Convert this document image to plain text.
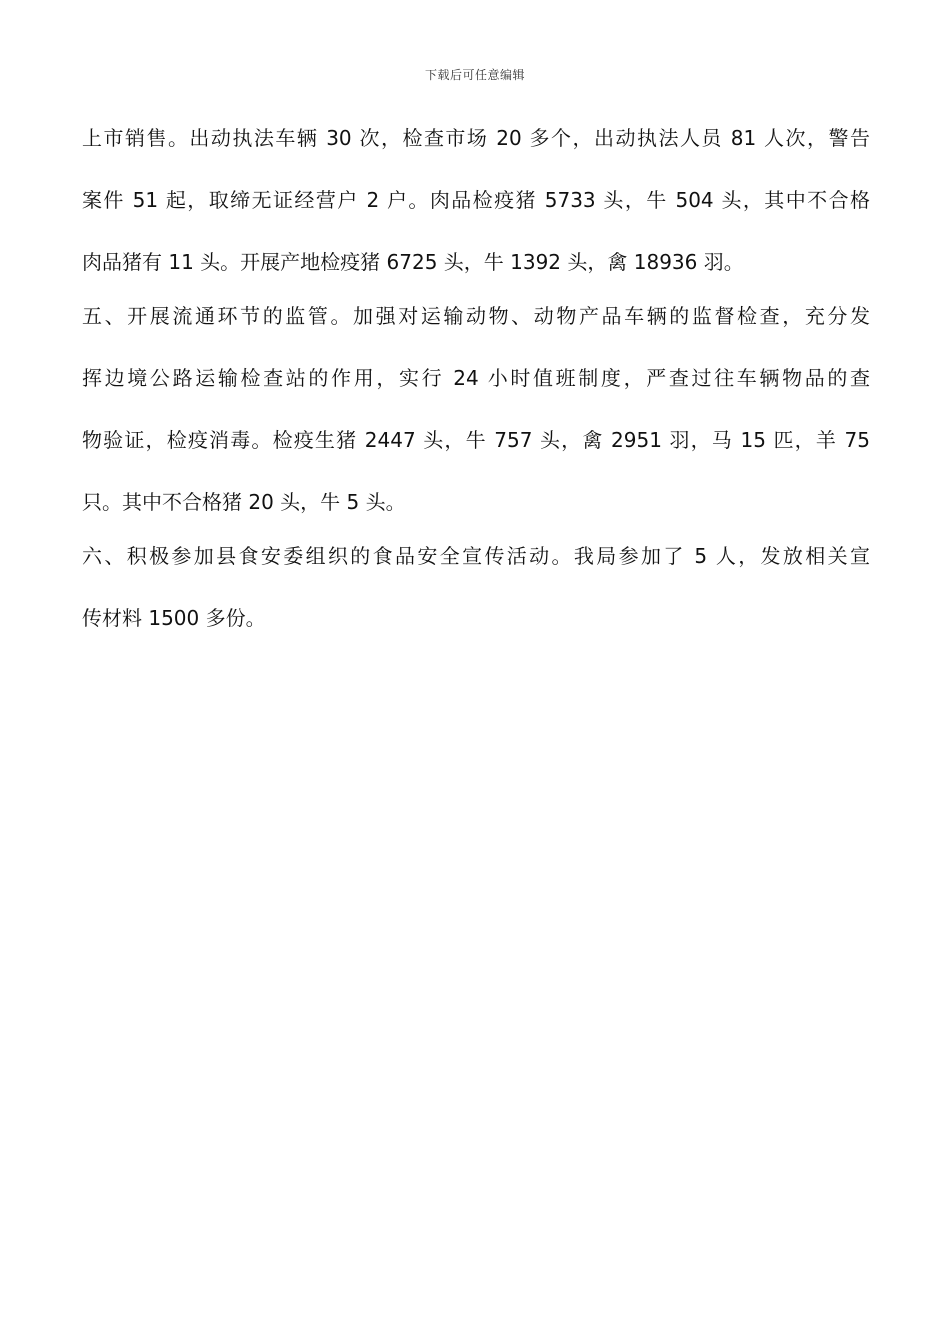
下载后可任意编辑
上市销售。出动执法车辆 30 次，检查市场 20 多个，出动执法人员 81 人次，警告
案件 51 起，取缔无证经营户 2 户。肉品检疫猪 5733 头，牛 504 头，其中不合格
肉品猪有 11 头。开展产地检疫猪 6725 头，牛 1392 头，禽 18936 羽。
五、开展流通环节的监管。加强对运输动物、动物产品车辆的监督检查，充分发
挥边境公路运输检查站的作用，实行 24 小时值班制度，严查过往车辆物品的查
物验证，检疫消毒。检疫生猪 2447 头，牛 757 头，禽 2951 羽，马 15 匹，羊 75
只。其中不合格猪 20 头，牛 5 头。
六、积极参加县食安委组织的食品安全宣传活动。我局参加了 5 人，发放相关宣
传材料 1500 多份。
